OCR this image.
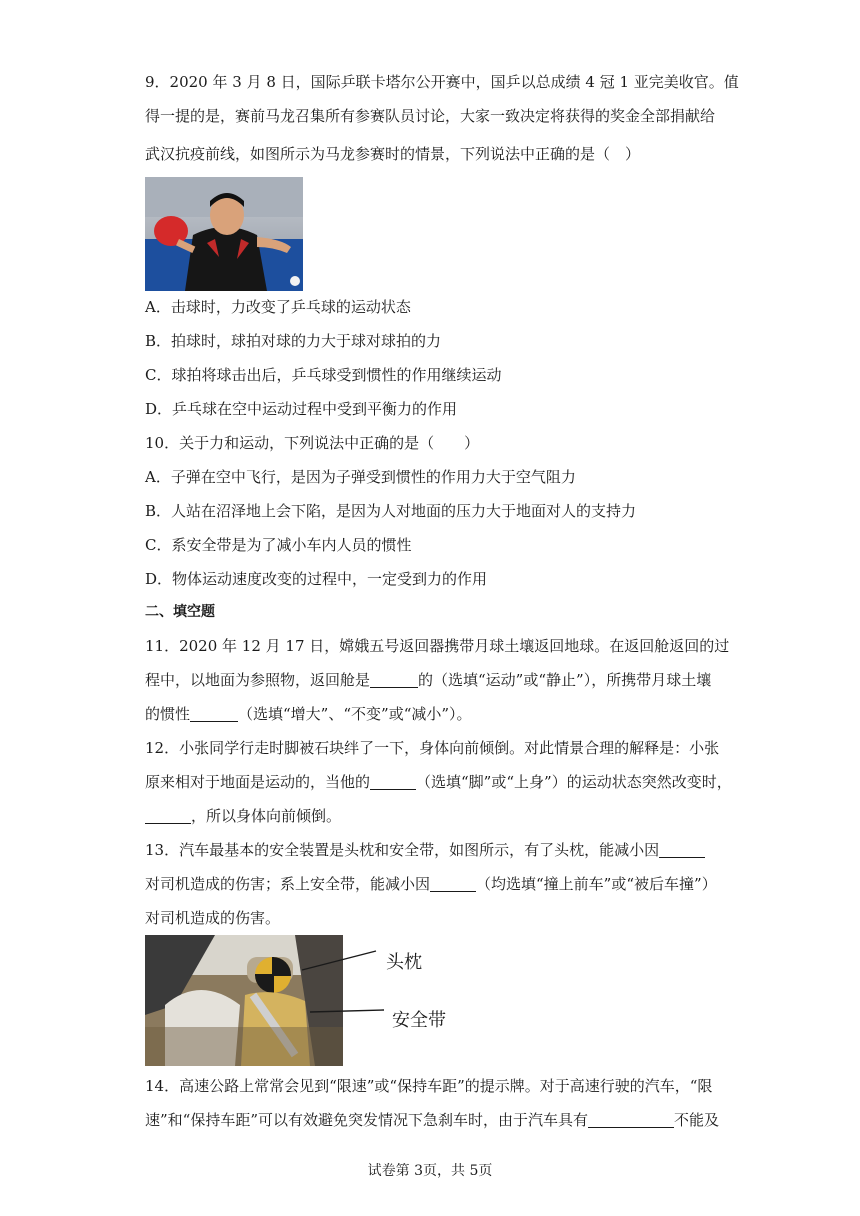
9．2020 年 3 月 8 日，国际乒联卡塔尔公开赛中，国乒以总成绩 4 冠 1 亚完美收官。值
得一提的是，赛前马龙召集所有参赛队员讨论，大家一致决定将获得的奖金全部捐献给
武汉抗疫前线，如图所示为马龙参赛时的情景，下列说法中正确的是（　）
A．击球时，力改变了乒乓球的运动状态
B．拍球时，球拍对球的力大于球对球拍的力
C．球拍将球击出后，乒乓球受到惯性的作用继续运动
D．乒乓球在空中运动过程中受到平衡力的作用
10．关于力和运动，下列说法中正确的是（　　）
A．子弹在空中飞行，是因为子弹受到惯性的作用力大于空气阻力
B．人站在沼泽地上会下陷，是因为人对地面的压力大于地面对人的支持力
C．系安全带是为了减小车内人员的惯性
D．物体运动速度改变的过程中，一定受到力的作用
二、填空题
11．2020 年 12 月 17 日，嫦娥五号返回器携带月球土壤返回地球。在返回舱返回的过
程中，以地面为参照物，返回舱是	的（选填“运动”或“静止”），所携带月球土壤
的惯性	（选填“增大”、“不变”或“减小”）。
12．小张同学行走时脚被石块绊了一下，身体向前倾倒。对此情景合理的解释是：小张
原来相对于地面是运动的，当他的	（选填“脚”或“上身”）的运动状态突然改变时，
，所以身体向前倾倒。
13．汽车最基本的安全装置是头枕和安全带，如图所示，有了头枕，能减小因
对司机造成的伤害；系上安全带，能减小因	（均选填“撞上前车”或“被后车撞”）
对司机造成的伤害。
头枕
安全带
14．高速公路上常常会见到“限速”或“保持车距”的提示牌。对于高速行驶的汽车，“限
速”和“保持车距”可以有效避免突发情况下急刹车时，由于汽车具有	不能及
试卷第 3页，共 5页
